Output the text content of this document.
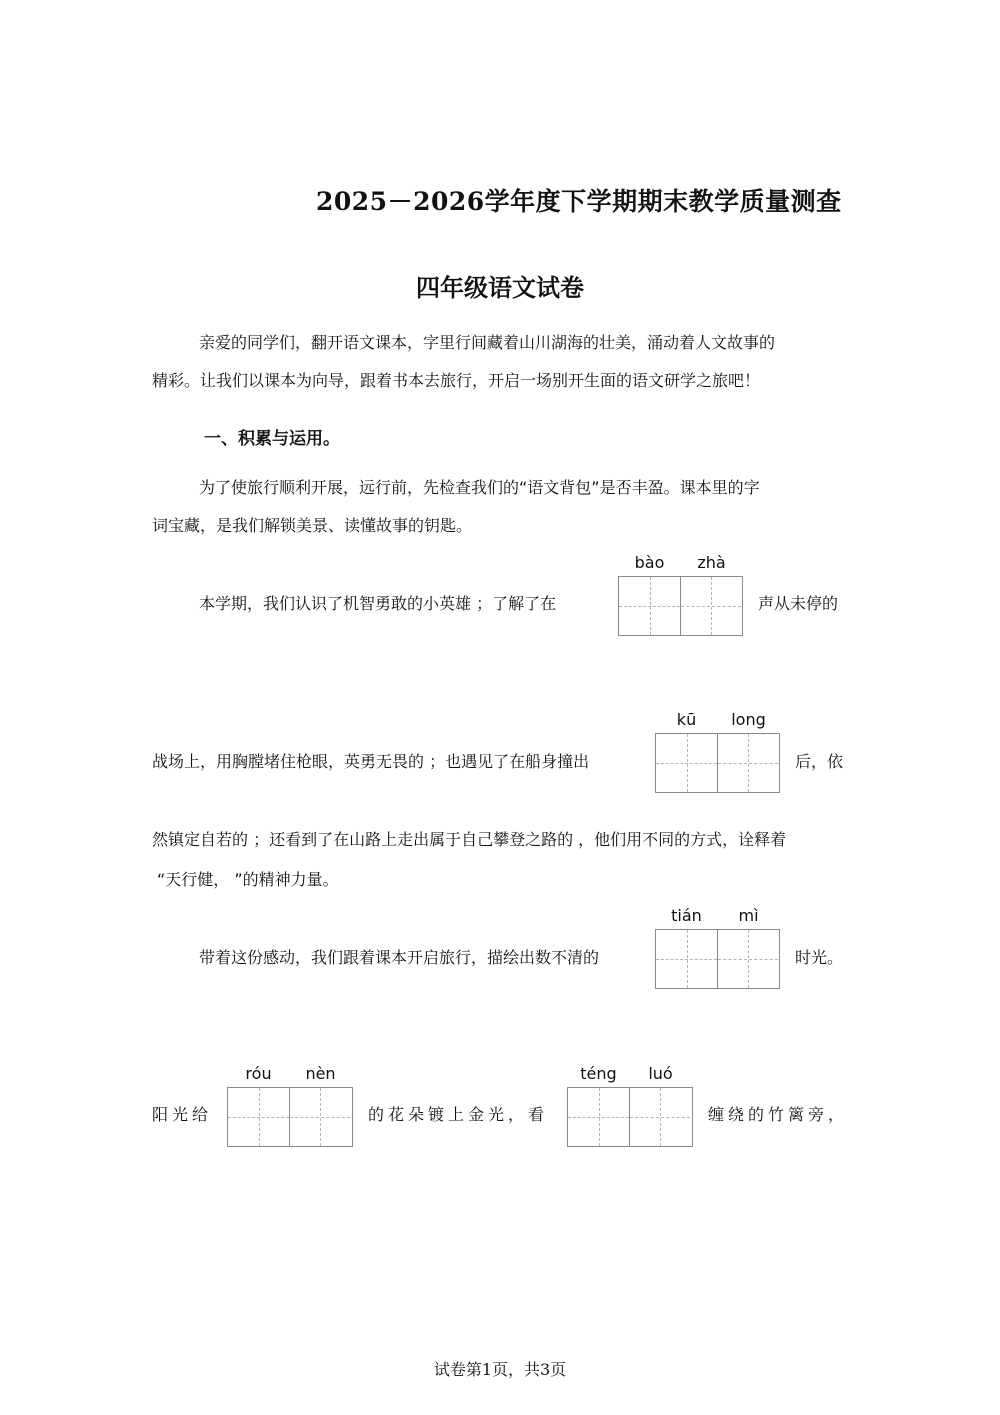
2025－2026学年度下学期期末教学质量测查
四年级语文试卷
亲爱的同学们，翻开语文课本，字里行间藏着山川湖海的壮美，涌动着人文故事的
精彩。让我们以课本为向导，跟着书本去旅行，开启一场别开生面的语文研学之旅吧！
一、积累与运用。
为了使旅行顺利开展，远行前，先检查我们的“语文背包”是否丰盈。课本里的字
词宝藏，是我们解锁美景、读懂故事的钥匙。
bào	zhà
本学期，我们认识了机智勇敢的小英雄 ；了解了在	声从未停的
kū	long
战场上，用胸膛堵住枪眼，英勇无畏的 ；也遇见了在船身撞出	后，依
然镇定自若的 ；还看到了在山路上走出属于自己攀登之路的 ，他们用不同的方式，诠释着
“天行健， ”的精神力量。
tián	mì
带着这份感动，我们跟着课本开启旅行，描绘出数不清的	时光。
róu	nèn	téng	luó
阳光给	的花朵镀上金光，看	缠绕的竹篱旁，
试卷第1页，共3页
